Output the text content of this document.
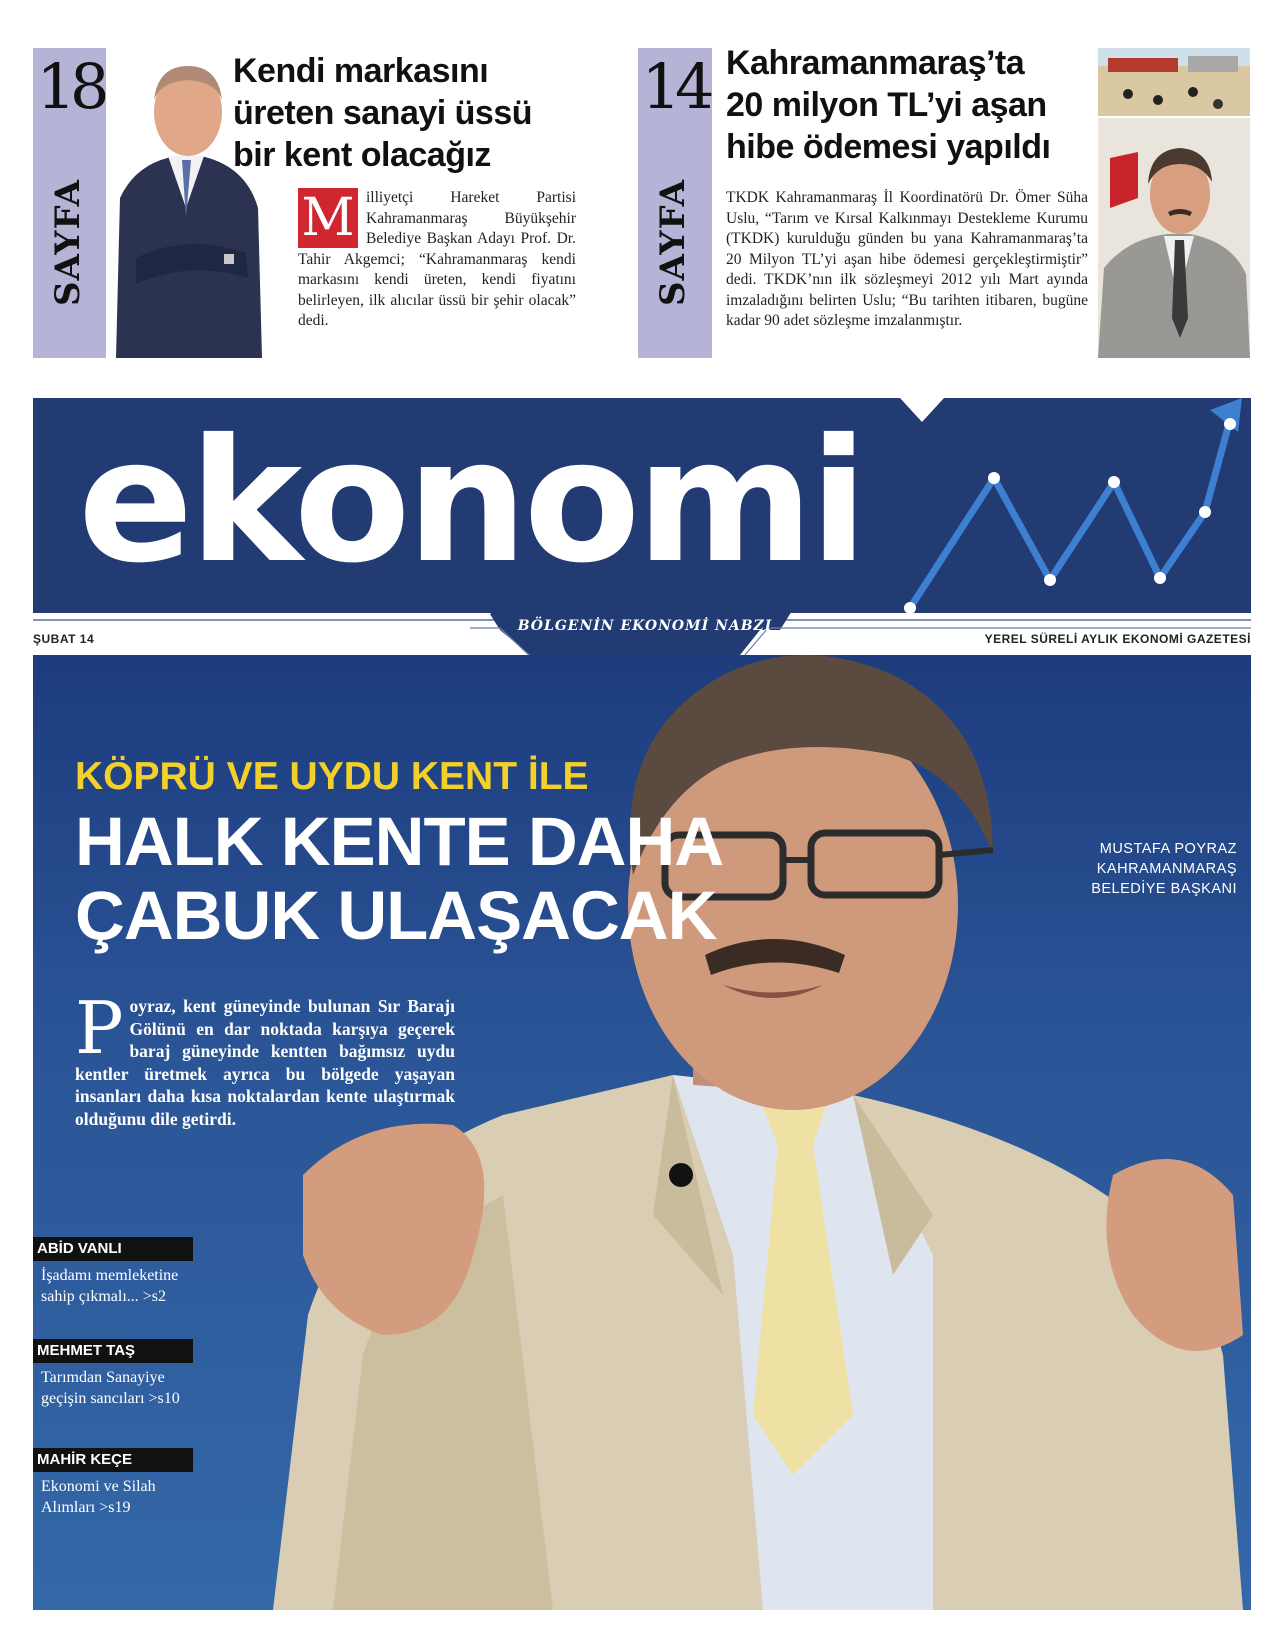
18
SAYFA
Kendi markasını
üreten sanayi üssü
bir kent olacağız
M illiyetçi Hareket Partisi Kahramanmaraş Büyükşehir Belediye Başkan Adayı Prof. Dr. Tahir Akgemci; “Kahramanmaraş kendi markasını kendi üreten, kendi fiyatını belirleyen, ilk alıcılar üssü bir şehir olacak” dedi.
14
SAYFA
Kahramanmaraş’ta
20 milyon TL’yi aşan
hibe ödemesi yapıldı
TKDK Kahramanmaraş İl Koordinatörü Dr. Ömer Süha Uslu, “Tarım ve Kırsal Kalkınmayı Destekleme Kurumu (TKDK) kurulduğu günden bu yana Kahramanmaraş’ta 20 Milyon TL’yi aşan hibe ödemesi gerçekleştirmiştir” dedi. TKDK’nın ilk sözleşmeyi 2012 yılı Mart ayında imzaladığını belirten Uslu; “Bu tarihten itibaren, bugüne kadar 90 adet sözleşme imzalanmıştır.
ekonomi
BÖLGENİN EKONOMİ NABZI
ŞUBAT 14	YEREL SÜRELİ AYLIK EKONOMİ GAZETESİ
KÖPRÜ VE UYDU KENT İLE
HALK KENTE DAHA
ÇABUK ULAŞACAK
Poyraz, kent güneyinde bulunan Sır Barajı Gölünü en dar noktada karşıya geçerek baraj güneyinde kentten bağımsız uydu kentler üretmek ayrıca bu bölgede yaşayan insanları daha kısa noktalardan kente ulaştırmak olduğunu dile getirdi.
MUSTAFA POYRAZ
KAHRAMANMARAŞ
BELEDİYE BAŞKANI
ABİD VANLI
İşadamı memleketine
sahip çıkmalı... >s2
MEHMET TAŞ
Tarımdan Sanayiye
geçişin sancıları >s10
MAHİR KEÇE
Ekonomi ve Silah
Alımları >s19
